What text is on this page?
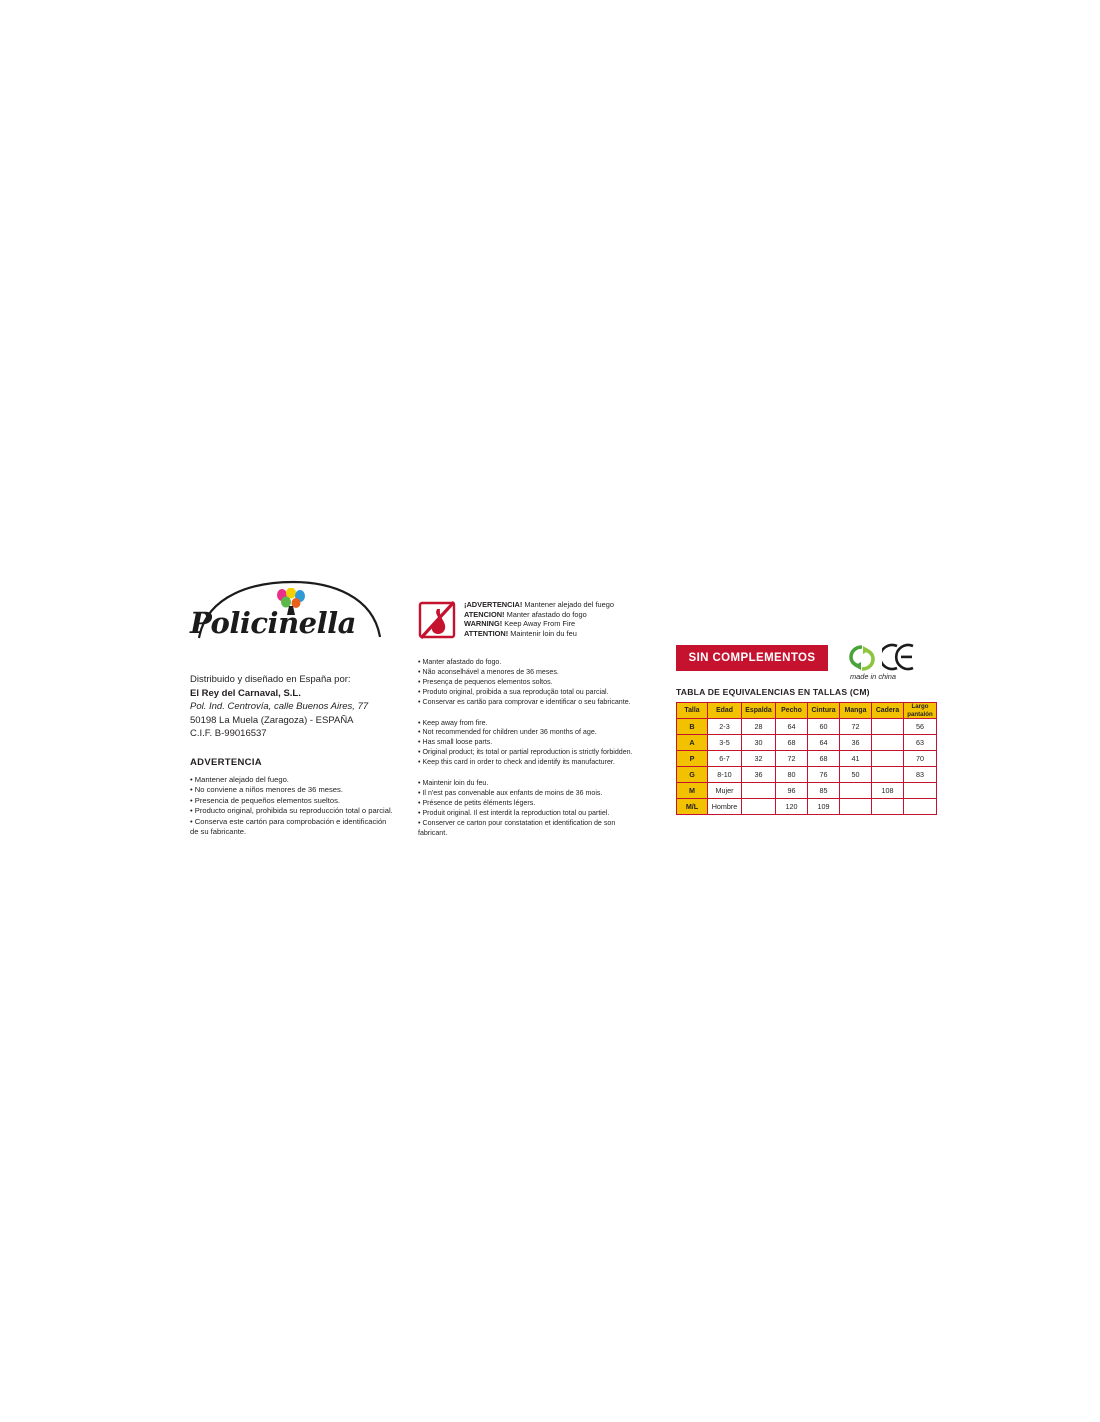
Policinella
Distribuido y diseñado en España por:
El Rey del Carnaval, S.L.
Pol. Ind. Centrovía, calle Buenos Aires, 77
50198 La Muela (Zaragoza) - ESPAÑA
C.I.F. B-99016537
ADVERTENCIA
• Mantener alejado del fuego.
• No conviene a niños menores de 36 meses.
• Presencia de pequeños elementos sueltos.
• Producto original, prohibida su reproducción total o parcial.
• Conserva este cartón para comprobación e identificación
de su fabricante.
¡ADVERTENCIA! Mantener alejado del fuego
ATENCION! Manter afastado do fogo
WARNING! Keep Away From Fire
ATTENTION! Maintenir loin du feu
• Manter afastado do fogo.
• Não aconselhável a menores de 36 meses.
• Presença de pequenos elementos soltos.
• Produto original, proibida a sua reprodução total ou parcial.
• Conservar es cartão para comprovar e identificar o seu fabricante.
• Keep away from fire.
• Not recommended for children under 36 months of age.
• Has small loose parts.
• Original product; its total or partial reproduction is strictly forbidden.
• Keep this card in order to check and identify its manufacturer.
• Maintenir loin du feu.
• Il n'est pas convenable aux enfants de moins de 36 mois.
• Présence de petits éléments légers.
• Produit original. Il est interdit la reproduction total ou partiel.
• Conserver ce carton pour constatation et identification de son
fabricant.
SIN COMPLEMENTOS
made in china
TABLA DE EQUIVALENCIAS EN TALLAS (CM)
Talla	Edad	Espalda	Pecho	Cintura	Manga	Cadera	Largo pantalón
B	2-3	28	64	60	72		56
A	3-5	30	68	64	36		63
P	6-7	32	72	68	41		70
G	8-10	36	80	76	50		83
M	Mujer		96	85		108	
M/L	Hombre		120	109			
